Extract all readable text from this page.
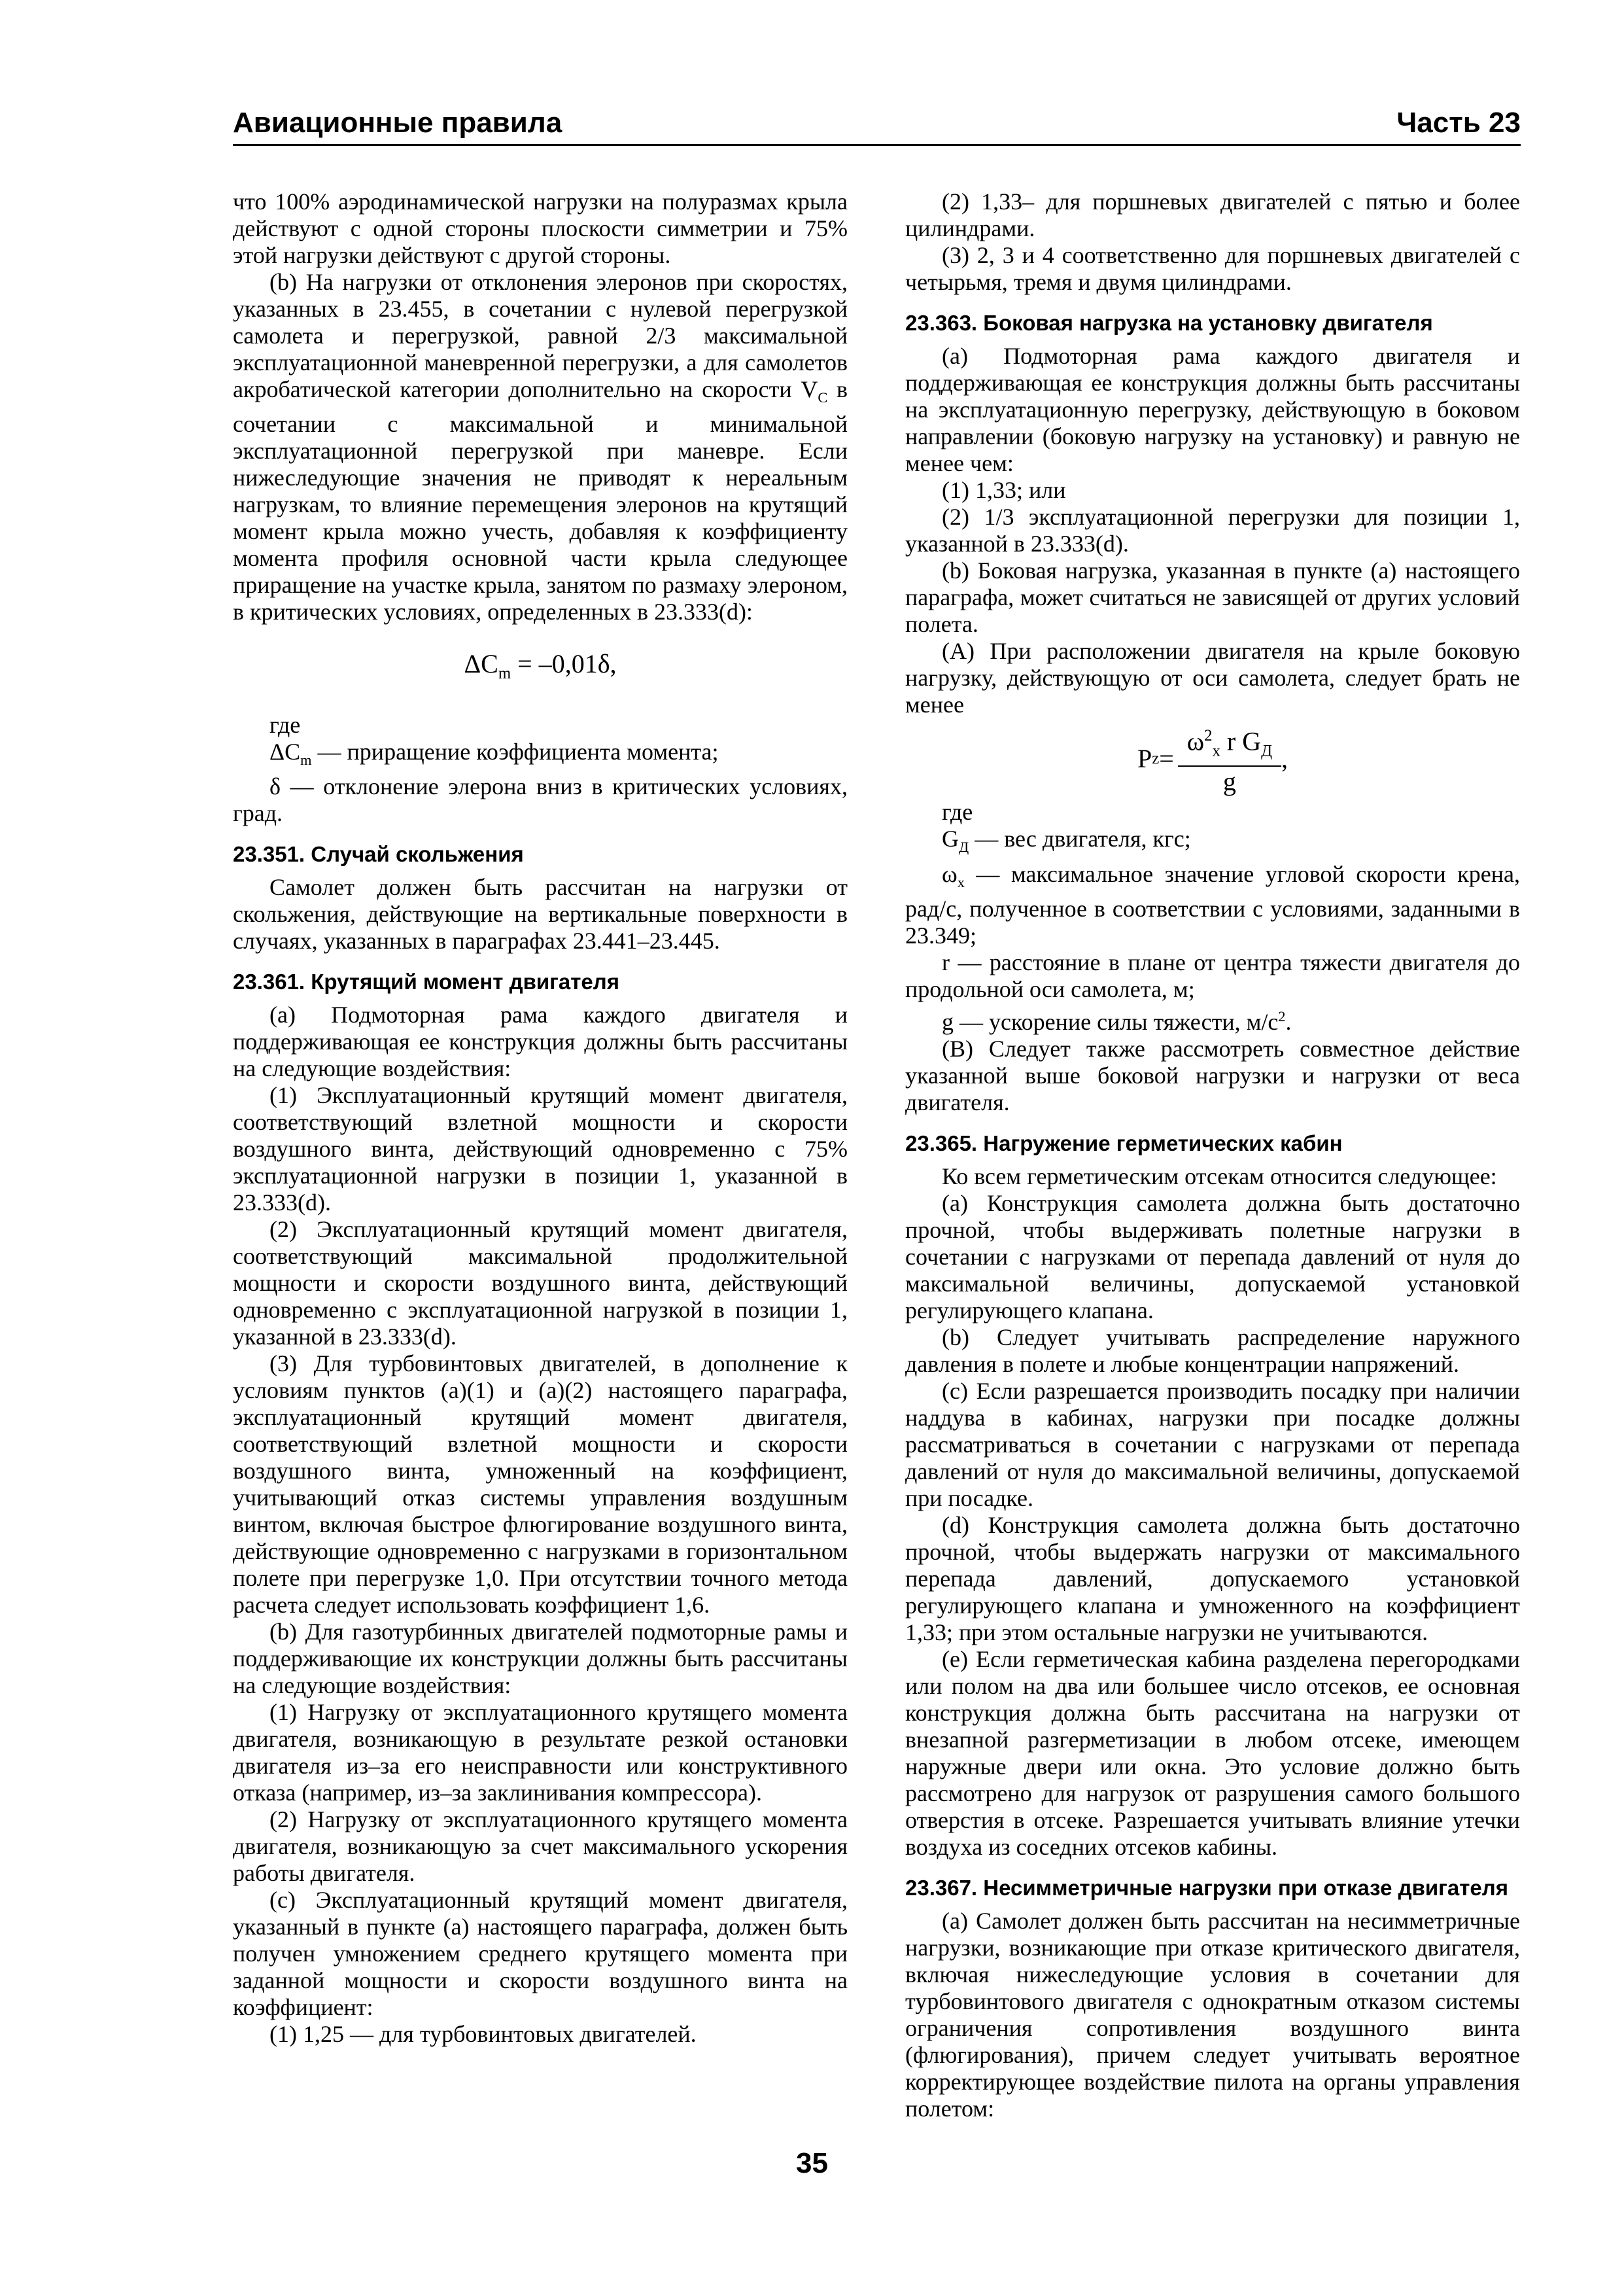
Авиационные правила	Часть 23

что 100% аэродинамической нагрузки на полуразмах крыла действуют с одной стороны плоскости симметрии и 75% этой нагрузки действуют с другой стороны.

(b) На нагрузки от отклонения элеронов при скоростях, указанных в 23.455, в сочетании с нулевой перегрузкой самолета и перегрузкой, равной 2/3 максимальной эксплуатационной маневренной перегрузки, а для самолетов акробатической категории дополнительно на скорости $V_C$ в сочетании с максимальной и минимальной эксплуатационной перегрузкой при маневре. Если нижеследующие значения не приводят к нереальным нагрузкам, то влияние перемещения элеронов на крутящий момент крыла можно учесть, добавляя к коэффициенту момента профиля основной части крыла следующее приращение на участке крыла, занятом по размаху элероном, в критических условиях, определенных в 23.333(d):

$\Delta C_m = -0,01\delta$,

где

$\Delta C_m$ — приращение коэффициента момента;

δ — отклонение элерона вниз в критических условиях, град.

23.351. Случай скольжения

Самолет должен быть рассчитан на нагрузки от скольжения, действующие на вертикальные поверхности в случаях, указанных в параграфах 23.441–23.445.

23.361. Крутящий момент двигателя

(а) Подмоторная рама каждого двигателя и поддерживающая ее конструкция должны быть рассчитаны на следующие воздействия:

(1) Эксплуатационный крутящий момент двигателя, соответствующий взлетной мощности и скорости воздушного винта, действующий одновременно с 75% эксплуатационной нагрузки в позиции 1, указанной в 23.333(d).

(2) Эксплуатационный крутящий момент двигателя, соответствующий максимальной продолжительной мощности и скорости воздушного винта, действующий одновременно с эксплуатационной нагрузкой в позиции 1, указанной в 23.333(d).

(3) Для турбовинтовых двигателей, в дополнение к условиям пунктов (а)(1) и (а)(2) настоящего параграфа, эксплуатационный крутящий момент двигателя, соответствующий взлетной мощности и скорости воздушного винта, умноженный на коэффициент, учитывающий отказ системы управления воздушным винтом, включая быстрое флюгирование воздушного винта, действующие одновременно с нагрузками в горизонтальном полете при перегрузке 1,0. При отсутствии точного метода расчета следует использовать коэффициент 1,6.

(b) Для газотурбинных двигателей подмоторные рамы и поддерживающие их конструкции должны быть рассчитаны на следующие воздействия:

(1) Нагрузку от эксплуатационного крутящего момента двигателя, возникающую в результате резкой остановки двигателя из–за его неисправности или конструктивного отказа (например, из–за заклинивания компрессора).

(2) Нагрузку от эксплуатационного крутящего момента двигателя, возникающую за счет максимального ускорения работы двигателя.

(с) Эксплуатационный крутящий момент двигателя, указанный в пункте (а) настоящего параграфа, должен быть получен умножением среднего крутящего момента при заданной мощности и скорости воздушного винта на коэффициент:

(1) 1,25 — для турбовинтовых двигателей.

(2) 1,33– для поршневых двигателей с пятью и более цилиндрами.

(3) 2, 3 и 4 соответственно для поршневых двигателей с четырьмя, тремя и двумя цилиндрами.

23.363. Боковая нагрузка на установку двигателя

(а) Подмоторная рама каждого двигателя и поддерживающая ее конструкция должны быть рассчитаны на эксплуатационную перегрузку, действующую в боковом направлении (боковую нагрузку на установку) и равную не менее чем:

(1) 1,33; или

(2) 1/3 эксплуатационной перегрузки для позиции 1, указанной в 23.333(d).

(b) Боковая нагрузка, указанная в пункте (а) настоящего параграфа, может считаться не зависящей от других условий полета.

(А) При расположении двигателя на крыле боковую нагрузку, действующую от оси самолета, следует брать не менее

P $z = \frac{\omega^2_x r G_Д}{g}$ ,

где

$G_Д$ — вес двигателя, кгс;

$\omega_x$ — максимальное значение угловой скорости крена, рад/с, полученное в соответствии с условиями, заданными в 23.349;

r — расстояние в плане от центра тяжести двигателя до продольной оси самолета, м;

g — ускорение силы тяжести, $м/с^2$.

(В) Следует также рассмотреть совместное действие указанной выше боковой нагрузки и нагрузки от веса двигателя.

23.365. Нагружение герметических кабин

Ко всем герметическим отсекам относится следующее:

(а) Конструкция самолета должна быть достаточно прочной, чтобы выдерживать полетные нагрузки в сочетании с нагрузками от перепада давлений от нуля до максимальной величины, допускаемой установкой регулирующего клапана.

(b) Следует учитывать распределение наружного давления в полете и любые концентрации напряжений.

(с) Если разрешается производить посадку при наличии наддува в кабинах, нагрузки при посадке должны рассматриваться в сочетании с нагрузками от перепада давлений от нуля до максимальной величины, допускаемой при посадке.

(d) Конструкция самолета должна быть достаточно прочной, чтобы выдержать нагрузки от максимального перепада давлений, допускаемого установкой регулирующего клапана и умноженного на коэффициент 1,33; при этом остальные нагрузки не учитываются.

(е) Если герметическая кабина разделена перегородками или полом на два или большее число отсеков, ее основная конструкция должна быть рассчитана на нагрузки от внезапной разгерметизации в любом отсеке, имеющем наружные двери или окна. Это условие должно быть рассмотрено для нагрузок от разрушения самого большого отверстия в отсеке. Разрешается учитывать влияние утечки воздуха из соседних отсеков кабины.

23.367. Несимметричные нагрузки при отказе двигателя

(а) Самолет должен быть рассчитан на несимметричные нагрузки, возникающие при отказе критического двигателя, включая нижеследующие условия в сочетании для турбовинтового двигателя с однократным отказом системы ограничения сопротивления воздушного винта (флюгирования), причем следует учитывать вероятное корректирующее воздействие пилота на органы управления полетом:

35
